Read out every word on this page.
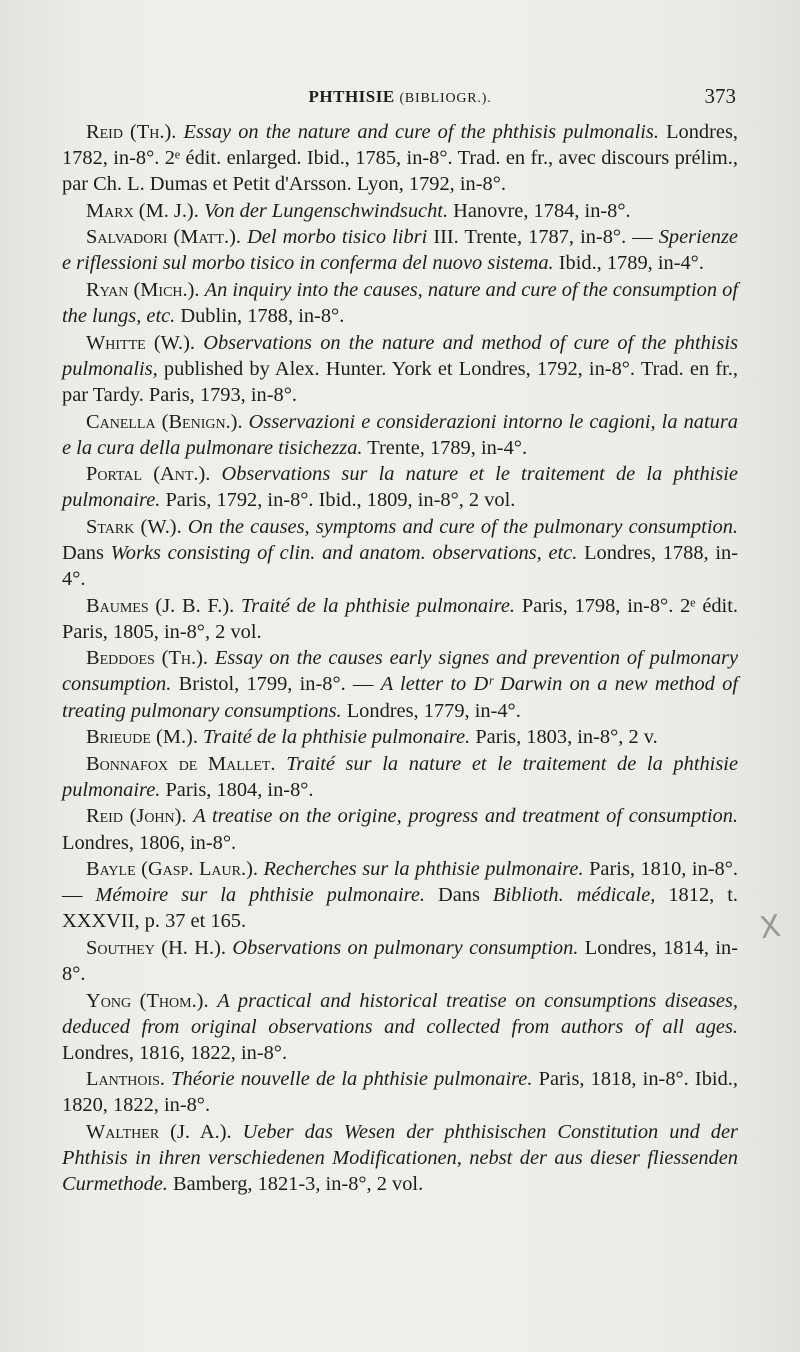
PHTHISIE (BIBLIOGR.).	373

Reid (Th.). Essay on the nature and cure of the phthisis pulmonalis. Londres, 1782, in-8°. 2ᵉ édit. enlarged. Ibid., 1785, in-8°. Trad. en fr., avec discours prélim., par Ch. L. Dumas et Petit d'Arsson. Lyon, 1792, in-8°.

Marx (M. J.). Von der Lungenschwindsucht. Hanovre, 1784, in-8°.

Salvadori (Matt.). Del morbo tisico libri III. Trente, 1787, in-8°. — Sperienze e riflessioni sul morbo tisico in conferma del nuovo sistema. Ibid., 1789, in-4°.

Ryan (Mich.). An inquiry into the causes, nature and cure of the consumption of the lungs, etc. Dublin, 1788, in-8°.

Whitte (W.). Observations on the nature and method of cure of the phthisis pulmonalis, published by Alex. Hunter. York et Londres, 1792, in-8°. Trad. en fr., par Tardy. Paris, 1793, in-8°.

Canella (Benign.). Osservazioni e considerazioni intorno le cagioni, la natura e la cura della pulmonare tisichezza. Trente, 1789, in-4°.

Portal (Ant.). Observations sur la nature et le traitement de la phthisie pulmonaire. Paris, 1792, in-8°. Ibid., 1809, in-8°, 2 vol.

Stark (W.). On the causes, symptoms and cure of the pulmonary consumption. Dans Works consisting of clin. and anatom. observations, etc. Londres, 1788, in-4°.

Baumes (J. B. F.). Traité de la phthisie pulmonaire. Paris, 1798, in-8°. 2ᵉ édit. Paris, 1805, in-8°, 2 vol.

Beddoes (Th.). Essay on the causes early signes and prevention of pulmonary consumption. Bristol, 1799, in-8°. — A letter to Dʳ Darwin on a new method of treating pulmonary consumptions. Londres, 1779, in-4°.

Brieude (M.). Traité de la phthisie pulmonaire. Paris, 1803, in-8°, 2 v.

Bonnafox de Mallet. Traité sur la nature et le traitement de la phthisie pulmonaire. Paris, 1804, in-8°.

Reid (John). A treatise on the origine, progress and treatment of consumption. Londres, 1806, in-8°.

Bayle (Gasp. Laur.). Recherches sur la phthisie pulmonaire. Paris, 1810, in-8°. — Mémoire sur la phthisie pulmonaire. Dans Biblioth. médicale, 1812, t. XXXVII, p. 37 et 165.

Southey (H. H.). Observations on pulmonary consumption. Londres, 1814, in-8°.

Yong (Thom.). A practical and historical treatise on consumptions diseases, deduced from original observations and collected from authors of all ages. Londres, 1816, 1822, in-8°.

Lanthois. Théorie nouvelle de la phthisie pulmonaire. Paris, 1818, in-8°. Ibid., 1820, 1822, in-8°.

Walther (J. A.). Ueber das Wesen der phthisischen Constitution und der Phthisis in ihren verschiedenen Modificationen, nebst der aus dieser fliessenden Curmethode. Bamberg, 1821-3, in-8°, 2 vol.

X
